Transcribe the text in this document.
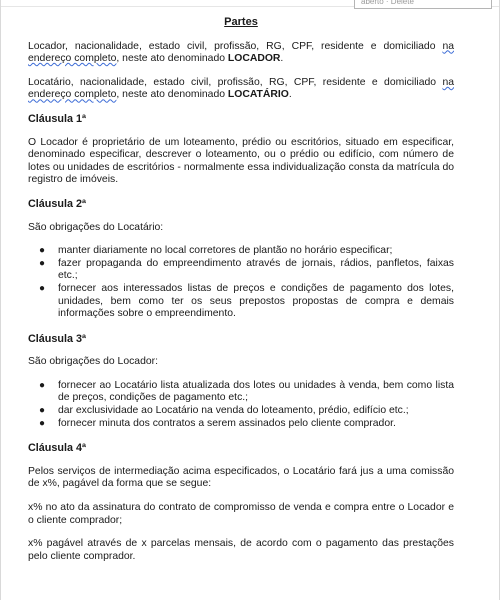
aberto · Delete

Partes

Locador, nacionalidade, estado civil, profissão, RG, CPF, residente e domiciliado na endereço completo, neste ato denominado LOCADOR.

Locatário, nacionalidade, estado civil, profissão, RG, CPF, residente e domiciliado na endereço completo, neste ato denominado LOCATÁRIO.

Cláusula 1ª

O Locador é proprietário de um loteamento, prédio ou escritórios, situado em especificar, denominado especificar, descrever o loteamento, ou o prédio ou edifício, com número de lotes ou unidades de escritórios - normalmente essa individualização consta da matrícula do registro de imóveis.

Cláusula 2ª

São obrigações do Locatário:

● manter diariamente no local corretores de plantão no horário especificar;
● fazer propaganda do empreendimento através de jornais, rádios, panfletos, faixas etc.;
● fornecer aos interessados listas de preços e condições de pagamento dos lotes, unidades, bem como ter os seus prepostos propostas de compra e demais informações sobre o empreendimento.

Cláusula 3ª

São obrigações do Locador:

● fornecer ao Locatário lista atualizada dos lotes ou unidades à venda, bem como lista de preços, condições de pagamento etc.;
● dar exclusividade ao Locatário na venda do loteamento, prédio, edifício etc.;
● fornecer minuta dos contratos a serem assinados pelo cliente comprador.

Cláusula 4ª

Pelos serviços de intermediação acima especificados, o Locatário fará jus a uma comissão de x%, pagável da forma que se segue:

x% no ato da assinatura do contrato de compromisso de venda e compra entre o Locador e o cliente comprador;

x% pagável através de x parcelas mensais, de acordo com o pagamento das prestações pelo cliente comprador.
